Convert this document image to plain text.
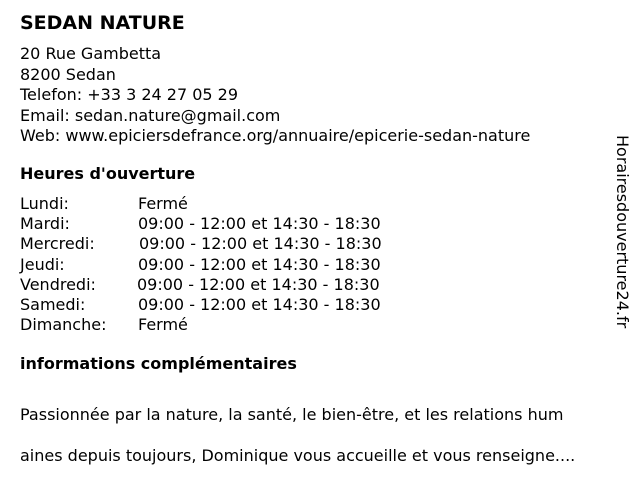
SEDAN NATURE
20 Rue Gambetta
8200 Sedan
Telefon: +33 3 24 27 05 29
Email: sedan.nature@gmail.com
Web: www.epiciersdefrance.org/annuaire/epicerie-sedan-nature
Heures d'ouverture
Lundi:	Fermé
Mardi:	09:00 - 12:00 et 14:30 - 18:30
Mercredi:	09:00 - 12:00 et 14:30 - 18:30
Jeudi:	09:00 - 12:00 et 14:30 - 18:30
Vendredi:	09:00 - 12:00 et 14:30 - 18:30
Samedi:	09:00 - 12:00 et 14:30 - 18:30
Dimanche: Fermé
informations complémentaires

Passionnée par la nature, la santé, le bien-être, et les relations hum

aines depuis toujours, Dominique vous accueille et vous renseigne....

Horairesdouverture24.fr
